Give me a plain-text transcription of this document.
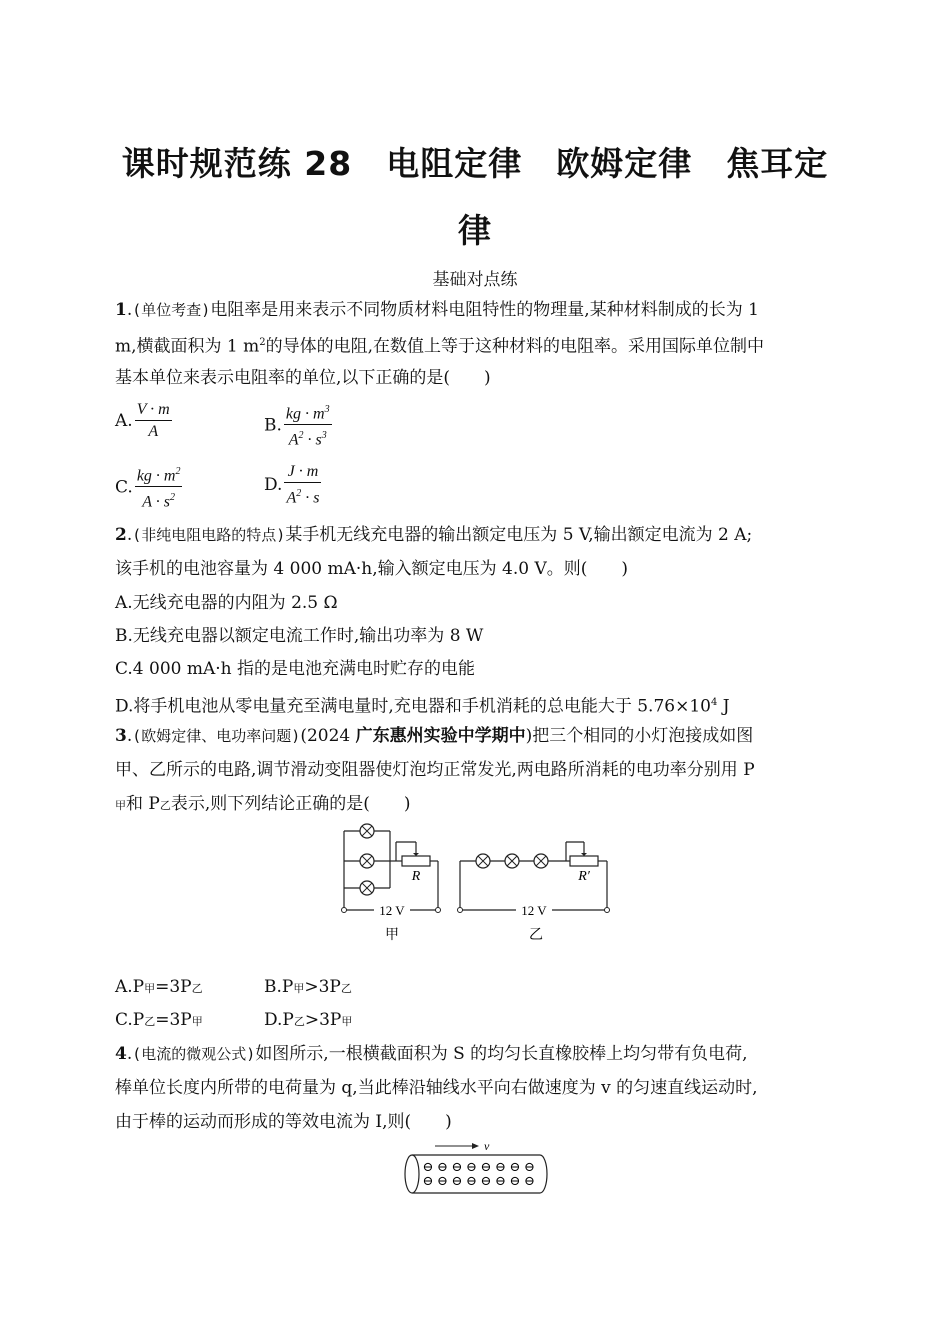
课时规范练 28　电阻定律　欧姆定律　焦耳定
律
基础对点练
1.(单位考查)电阻率是用来表示不同物质材料电阻特性的物理量,某种材料制成的长为 1
m,横截面积为 1 $m^2$的导体的电阻,在数值上等于这种材料的电阻率。采用国际单位制中
基本单位来表示电阻率的单位,以下正确的是(　　)
A. $\frac{V \cdot m}{A}$	B. $\frac{kg \cdot m^3}{A^2 \cdot s^3}$
C. $\frac{kg \cdot m^2}{A \cdot s^2}$	D. $\frac{J \cdot m}{A^2 \cdot s}$
2.(非纯电阻电路的特点)某手机无线充电器的输出额定电压为 5 V,输出额定电流为 2 A;
该手机的电池容量为 4 000 mA·h,输入额定电压为 4.0 V。则(　　)
A.无线充电器的内阻为 2.5 Ω
B.无线充电器以额定电流工作时,输出功率为 8 W
C.4 000 mA·h 指的是电池充满电时贮存的电能
D.将手机电池从零电量充至满电量时,充电器和手机消耗的总电能大于 $5.76\times 10^4$ J
3.(欧姆定律、电功率问题)(2024 广东惠州实验中学期中)把三个相同的小灯泡接成如图
甲、乙所示的电路,调节滑动变阻器使灯泡均正常发光,两电路所消耗的电功率分别用 P
甲和 P乙表示,则下列结论正确的是(　　)
12 V	12 V
R	R′
甲	乙
A.P甲=3P乙	B.P甲>3P乙
C.P乙=3P甲	D.P乙>3P甲
4.(电流的微观公式)如图所示,一根横截面积为 S 的均匀长直橡胶棒上均匀带有负电荷,
棒单位长度内所带的电荷量为 q,当此棒沿轴线水平向右做速度为 v 的匀速直线运动时,
由于棒的运动而形成的等效电流为 I,则(　　)
v
⊖ ⊖ ⊖ ⊖ ⊖ ⊖ ⊖ ⊖
⊖ ⊖ ⊖ ⊖ ⊖ ⊖ ⊖ ⊖
